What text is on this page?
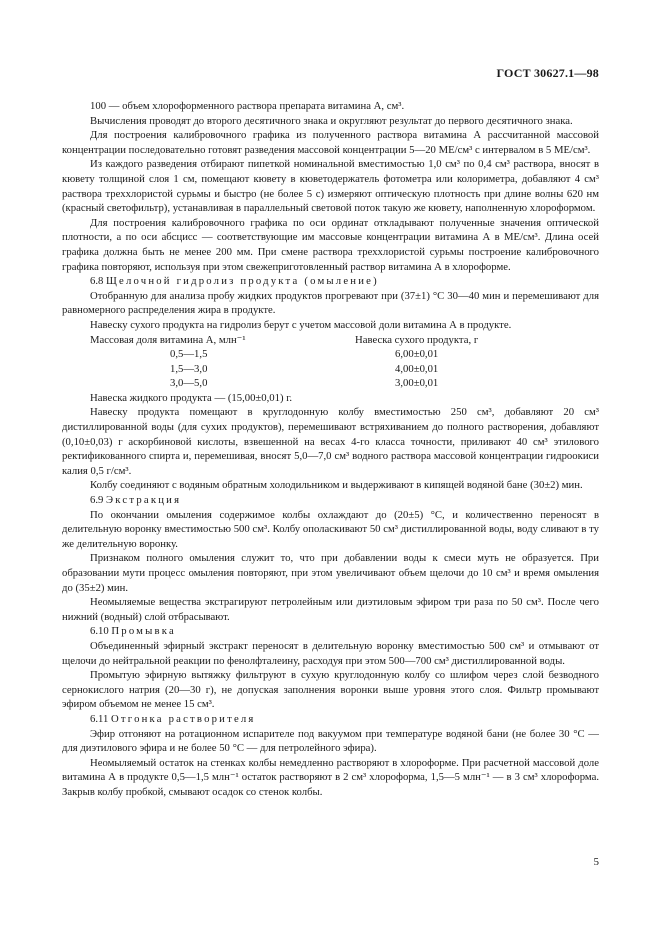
ГОСТ 30627.1—98

100 — объем хлороформенного раствора препарата витамина А, см³.

Вычисления проводят до второго десятичного знака и округляют результат до первого десятичного знака.

Для построения калибровочного графика из полученного раствора витамина А рассчитанной массовой концентрации последовательно готовят разведения массовой концентрации 5—20 МЕ/см³ с интервалом в 5 МЕ/см³.

Из каждого разведения отбирают пипеткой номинальной вместимостью 1,0 см³ по 0,4 см³ раствора, вносят в кювету толщиной слоя 1 см, помещают кювету в кюветодержатель фотометра или колориметра, добавляют 4 см³ раствора треххлористой сурьмы и быстро (не более 5 с) измеряют оптическую плотность при длине волны 620 нм (красный светофильтр), устанавливая в параллельный световой поток такую же кювету, наполненную хлороформом.

Для построения калибровочного графика по оси ординат откладывают полученные значения оптической плотности, а по оси абсцисс — соответствующие им массовые концентрации витамина А в МЕ/см³. Длина осей графика должна быть не менее 200 мм. При смене раствора треххлористой сурьмы построение калибровочного графика повторяют, используя при этом свежеприготовленный раствор витамина А в хлороформе.

6.8 Щелочной гидролиз продукта (омыление)

Отобранную для анализа пробу жидких продуктов прогревают при (37±1) °С 30—40 мин и перемешивают для равномерного распределения жира в продукте.

Навеску сухого продукта на гидролиз берут с учетом массовой доли витамина А в продукте.

Массовая доля витамина А, млн⁻¹	Навеска сухого продукта, г
0,5—1,5	6,00±0,01
1,5—3,0	4,00±0,01
3,0—5,0	3,00±0,01

Навеска жидкого продукта — (15,00±0,01) г.

Навеску продукта помещают в круглодонную колбу вместимостью 250 см³, добавляют 20 см³ дистиллированной воды (для сухих продуктов), перемешивают встряхиванием до полного растворения, добавляют (0,10±0,03) г аскорбиновой кислоты, взвешенной на весах 4-го класса точности, приливают 40 см³ этилового ректификованного спирта и, перемешивая, вносят 5,0—7,0 см³ водного раствора массовой концентрации гидроокиси калия 0,5 г/см³.

Колбу соединяют с водяным обратным холодильником и выдерживают в кипящей водяной бане (30±2) мин.

6.9 Экстракция

По окончании омыления содержимое колбы охлаждают до (20±5) °С, и количественно переносят в делительную воронку вместимостью 500 см³. Колбу ополаскивают 50 см³ дистиллированной воды, воду сливают в ту же делительную воронку.

Признаком полного омыления служит то, что при добавлении воды к смеси муть не образуется. При образовании мути процесс омыления повторяют, при этом увеличивают объем щелочи до 10 см³ и время омыления до (35±2) мин.

Неомыляемые вещества экстрагируют петролейным или диэтиловым эфиром три раза по 50 см³. После чего нижний (водный) слой отбрасывают.

6.10 Промывка

Объединенный эфирный экстракт переносят в делительную воронку вместимостью 500 см³ и отмывают от щелочи до нейтральной реакции по фенолфталеину, расходуя при этом 500—700 см³ дистиллированной воды.

Промытую эфирную вытяжку фильтруют в сухую круглодонную колбу со шлифом через слой безводного сернокислого натрия (20—30 г), не допуская заполнения воронки выше уровня этого слоя. Фильтр промывают эфиром объемом не менее 15 см³.

6.11 Отгонка растворителя

Эфир отгоняют на ротационном испарителе под вакуумом при температуре водяной бани (не более 30 °С — для диэтилового эфира и не более 50 °С — для петролейного эфира).

Неомыляемый остаток на стенках колбы немедленно растворяют в хлороформе. При расчетной массовой доле витамина А в продукте 0,5—1,5 млн⁻¹ остаток растворяют в 2 см³ хлороформа, 1,5—5 млн⁻¹ — в 3 см³ хлороформа. Закрыв колбу пробкой, смывают осадок со стенок колбы.

5
